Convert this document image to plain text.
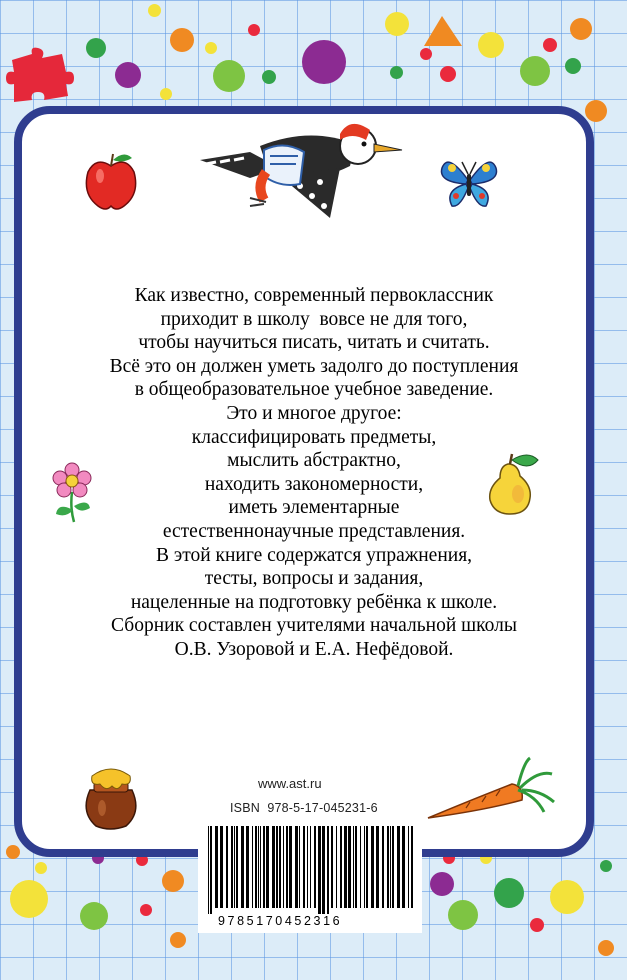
Как известно, современный первоклассник
приходит в школу  вовсе не для того,
чтобы научиться писать, читать и считать.
Всё это он должен уметь задолго до поступления
в общеобразовательное учебное заведение.
Это и многое другое:
классифицировать предметы,
мыслить абстрактно,
находить закономерности,
иметь элементарные
естественнонаучные представления.
В этой книге содержатся упражнения,
тесты, вопросы и задания,
нацеленные на подготовку ребёнка к школе.
Сборник составлен учителями начальной школы
О.В. Узоровой и Е.А. Нефёдовой.
www.ast.ru
ISBN  978-5-17-045231-6
9785170452316
